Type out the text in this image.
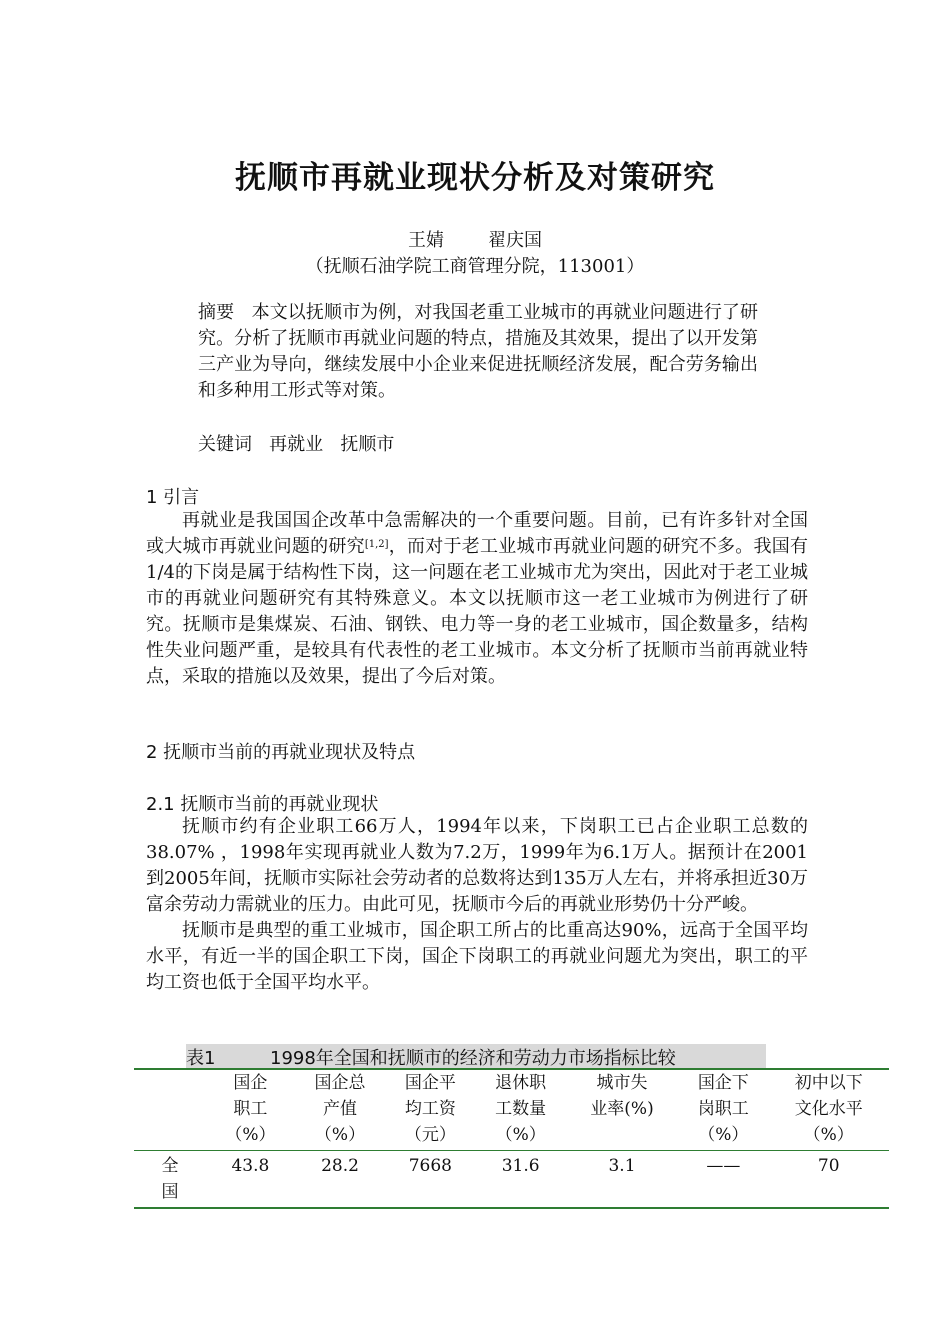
抚顺市再就业现状分析及对策研究
王婧 翟庆国
（抚顺石油学院工商管理分院，113001）
摘要 本文以抚顺市为例，对我国老重工业城市的再就业问题进行了研究。分析了抚顺市再就业问题的特点，措施及其效果，提出了以开发第三产业为导向，继续发展中小企业来促进抚顺经济发展，配合劳务输出和多种用工形式等对策。
关键词 再就业 抚顺市
1 引言

再就业是我国国企改革中急需解决的一个重要问题。目前，已有许多针对全国或大城市再就业问题的研究[1,2]，而对于老工业城市再就业问题的研究不多。我国有1/4的下岗是属于结构性下岗，这一问题在老工业城市尤为突出，因此对于老工业城市的再就业问题研究有其特殊意义。本文以抚顺市这一老工业城市为例进行了研究。抚顺市是集煤炭、石油、钢铁、电力等一身的老工业城市，国企数量多，结构性失业问题严重，是较具有代表性的老工业城市。本文分析了抚顺市当前再就业特点，采取的措施以及效果，提出了今后对策。

2 抚顺市当前的再就业现状及特点
2.1 抚顺市当前的再就业现状

抚顺市约有企业职工66万人，1994年以来，下岗职工已占企业职工总数的38.07% ，1998年实现再就业人数为7.2万，1999年为6.1万人。据预计在2001到2005年间，抚顺市实际社会劳动者的总数将达到135万人左右，并将承担近30万富余劳动力需就业的压力。由此可见，抚顺市今后的再就业形势仍十分严峻。

抚顺市是典型的重工业城市，国企职工所占的比重高达90%，远高于全国平均水平，有近一半的国企职工下岗，国企下岗职工的再就业问题尤为突出，职工的平均工资也低于全国平均水平。

表1	1998年全国和抚顺市的经济和劳动力市场指标比较
	国企
职工
（%）	国企总
产值
（%）	国企平
均工资
（元）	退休职
工数量
（%）	城市失
业率(%)	国企下
岗职工
（%）	初中以下
文化水平
（%）
全
国	43.8	28.2	7668	31.6	3.1	——	70
